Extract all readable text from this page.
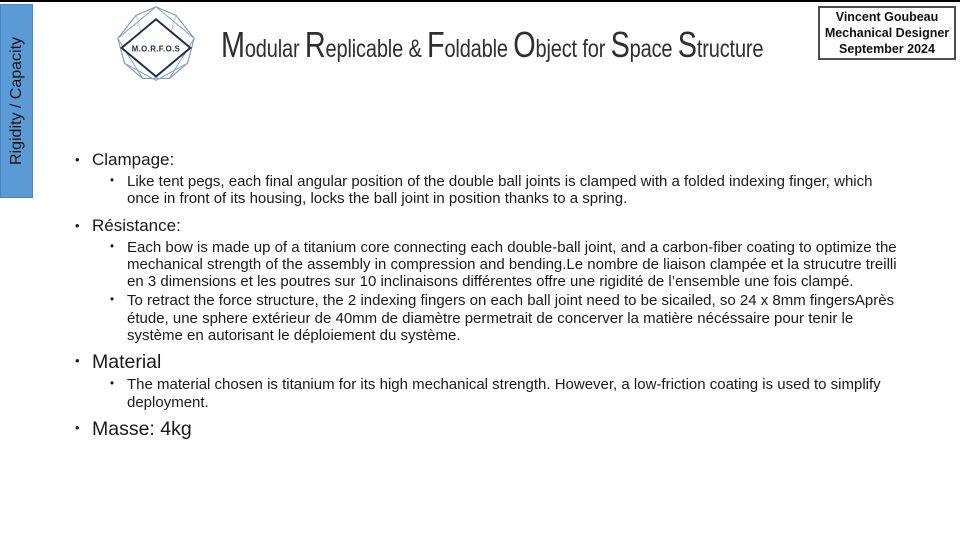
Rigidity / Capacity	M.O.R.F.O.S Modular Replicable & Foldable Object for Space Structure
Vincent Goubeau
Mechanical Designer
September 2024
• Clampage:
• Like tent pegs, each final angular position of the double ball joints is clamped with a folded indexing finger, which once in front of its housing, locks the ball joint in position thanks to a spring.
• Résistance:
• Each bow is made up of a titanium core connecting each double-ball joint, and a carbon-fiber coating to optimize the mechanical strength of the assembly in compression and bending.Le nombre de liaison clampée et la strucutre treilli en 3 dimensions et les poutres sur 10 inclinaisons différentes offre une rigidité de l’ensemble une fois clampé.
• To retract the force structure, the 2 indexing fingers on each ball joint need to be sicailed, so 24 x 8mm fingersAprès étude, une sphere extérieur de 40mm de diamètre permetrait de concerver la matière nécéssaire pour tenir le système en autorisant le déploiement du système.
• Material
• The material chosen is titanium for its high mechanical strength. However, a low-friction coating is used to simplify deployment.
• Masse: 4kg
